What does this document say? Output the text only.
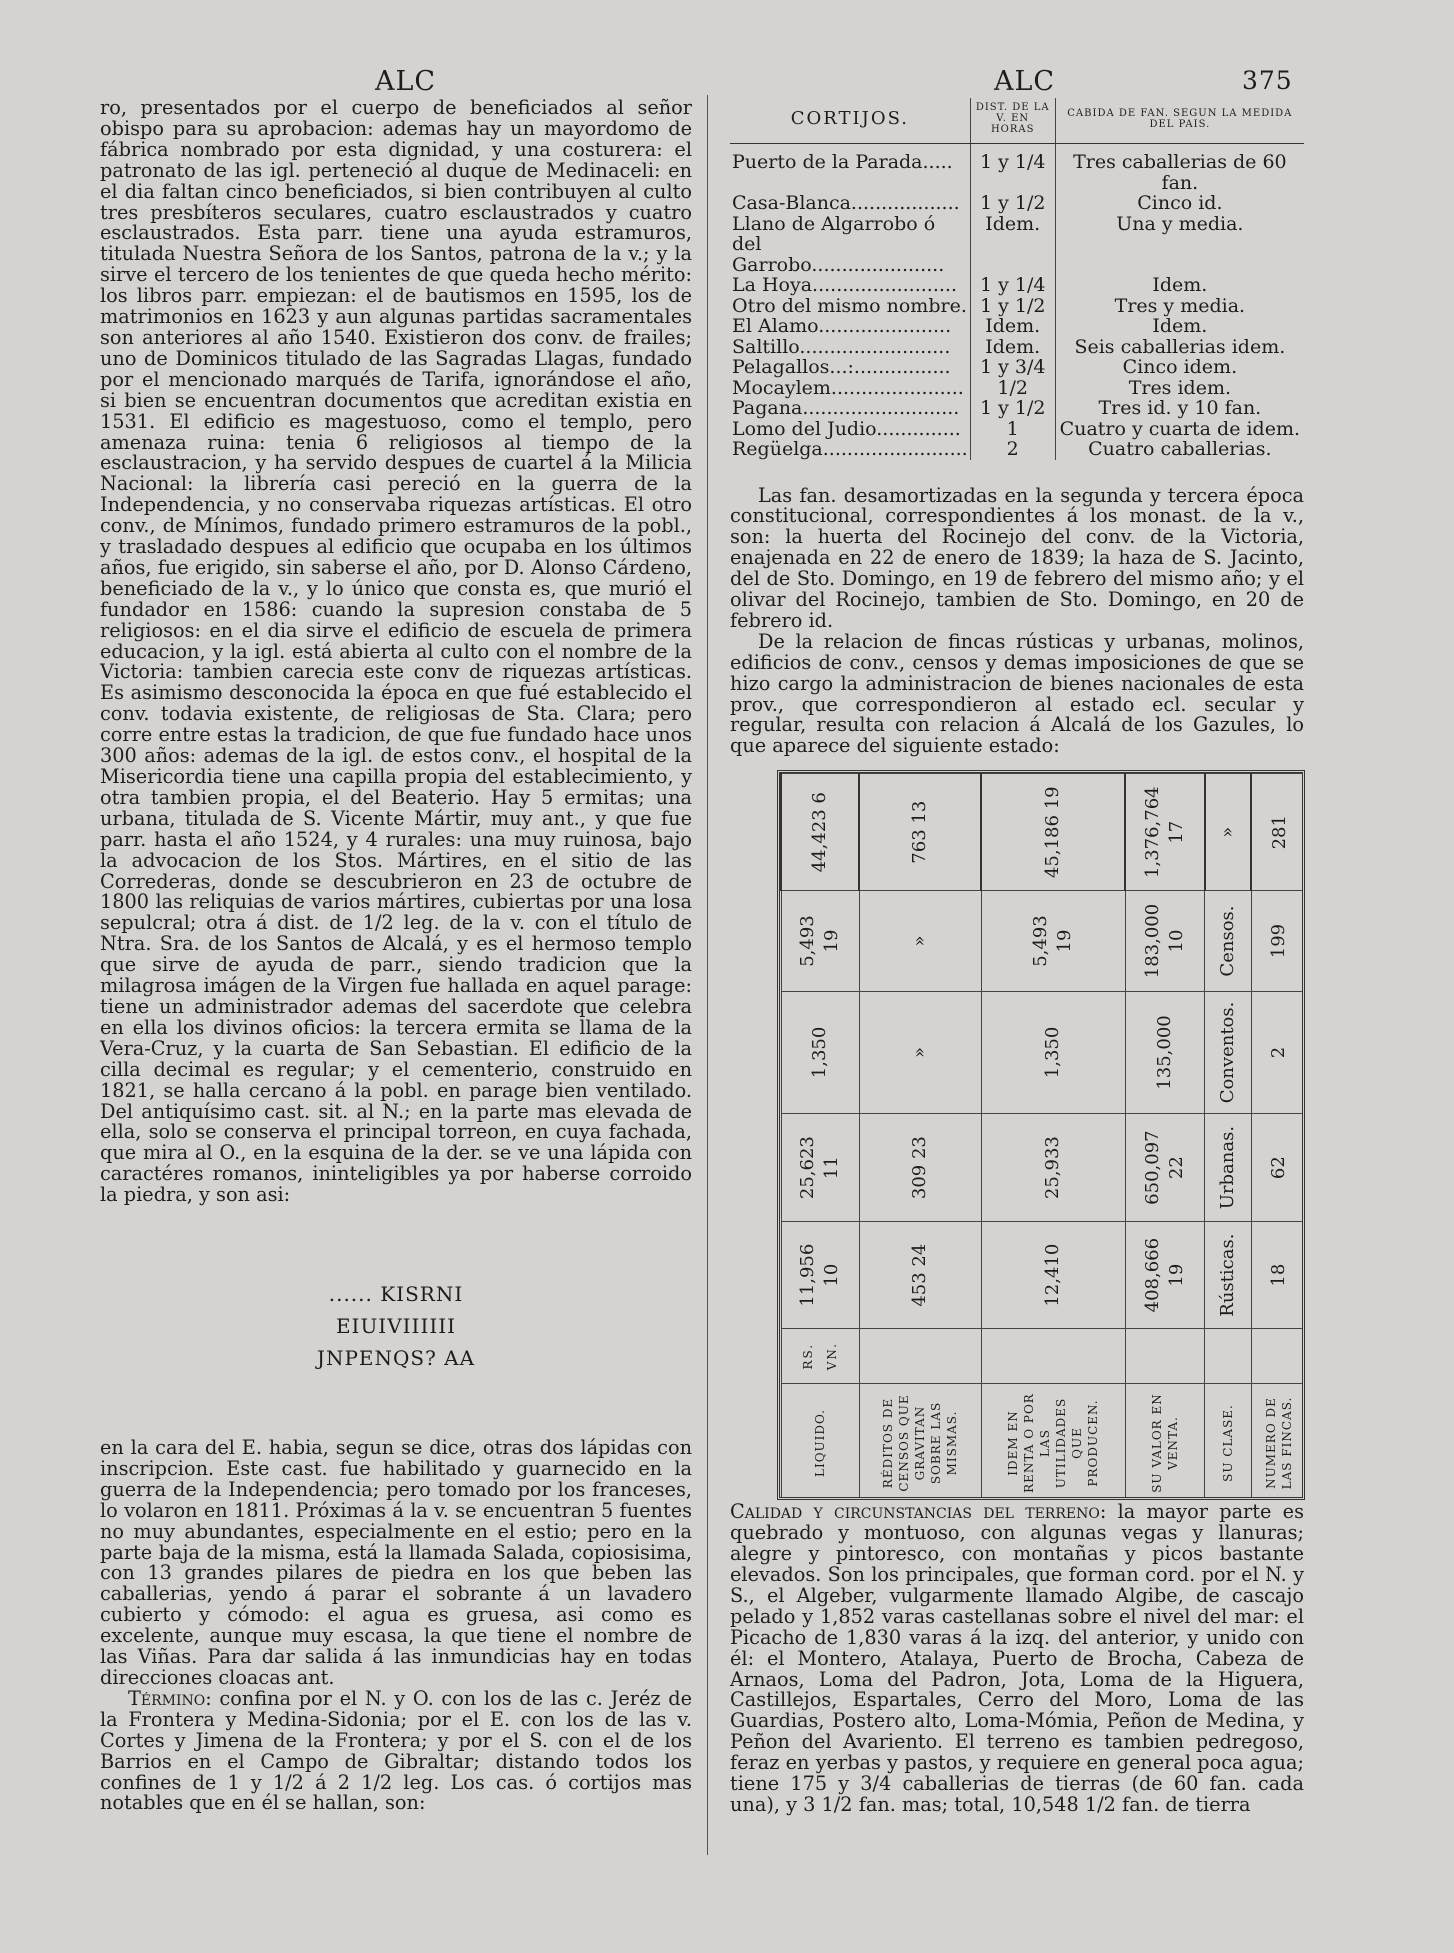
ALC	ALC	375

ro, presentados por el cuerpo de beneficiados al señor obispo para su aprobacion: ademas hay un mayordomo de fábrica nombrado por esta dignidad, y una costurera: el patronato de las igl. perteneció al duque de Medinaceli: en el dia faltan cinco beneficiados, si bien contribuyen al culto tres presbíteros seculares, cuatro esclaustrados y cuatro esclaustrados. Esta parr. tiene una ayuda estramuros, titulada Nuestra Señora de los Santos, patrona de la v.; y la sirve el tercero de los tenientes de que queda hecho mérito: los libros parr. empiezan: el de bautismos en 1595, los de matrimonios en 1623 y aun algunas partidas sacramentales son anteriores al año 1540. Existieron dos conv. de frailes; uno de Dominicos titulado de las Sagradas Llagas, fundado por el mencionado marqués de Tarifa, ignorándose el año, si bien se encuentran documentos que acreditan existia en 1531. El edificio es magestuoso, como el templo, pero amenaza ruina: tenia 6 religiosos al tiempo de la esclaustracion, y ha servido despues de cuartel á la Milicia Nacional: la librería casi pereció en la guerra de la Independencia, y no conservaba riquezas artísticas. El otro conv., de Mínimos, fundado primero estramuros de la pobl., y trasladado despues al edificio que ocupaba en los últimos años, fue erigido, sin saberse el año, por D. Alonso Cárdeno, beneficiado de la v., y lo único que consta es, que murió el fundador en 1586: cuando la supresion constaba de 5 religiosos: en el dia sirve el edificio de escuela de primera educacion, y la igl. está abierta al culto con el nombre de la Victoria: tambien carecia este conv de riquezas artísticas. Es asimismo desconocida la época en que fué establecido el conv. todavia existente, de religiosas de Sta. Clara; pero corre entre estas la tradicion, de que fue fundado hace unos 300 años: ademas de la igl. de estos conv., el hospital de la Misericordia tiene una capilla propia del establecimiento, y otra tambien propia, el del Beaterio. Hay 5 ermitas; una urbana, titulada de S. Vicente Mártir, muy ant., y que fue parr. hasta el año 1524, y 4 rurales: una muy ruinosa, bajo la advocacion de los Stos. Mártires, en el sitio de las Correderas, donde se descubrieron en 23 de octubre de 1800 las reliquias de varios mártires, cubiertas por una losa sepulcral; otra á dist. de 1/2 leg. de la v. con el título de Ntra. Sra. de los Santos de Alcalá, y es el hermoso templo que sirve de ayuda de parr., siendo tradicion que la milagrosa imágen de la Virgen fue hallada en aquel parage: tiene un administrador ademas del sacerdote que celebra en ella los divinos oficios: la tercera ermita se llama de la Vera-Cruz, y la cuarta de San Sebastian. El edificio de la cilla decimal es regular; y el cementerio, construido en 1821, se halla cercano á la pobl. en parage bien ventilado. Del antiquísimo cast. sit. al N.; en la parte mas elevada de ella, solo se conserva el principal torreon, en cuya fachada, que mira al O., en la esquina de la der. se ve una lápida con caractéres romanos, ininteligibles ya por haberse corroido la piedra, y son asi:

...... KISRNI
EIUIVIIIIII
JNPENQS? AA

en la cara del E. habia, segun se dice, otras dos lápidas con inscripcion. Este cast. fue habilitado y guarnecido en la guerra de la Independencia; pero tomado por los franceses, lo volaron en 1811. Próximas á la v. se encuentran 5 fuentes no muy abundantes, especialmente en el estio; pero en la parte baja de la misma, está la llamada Salada, copiosisima, con 13 grandes pilares de piedra en los que beben las caballerias, yendo á parar el sobrante á un lavadero cubierto y cómodo: el agua es gruesa, asi como es excelente, aunque muy escasa, la que tiene el nombre de las Viñas. Para dar salida á las inmundicias hay en todas direcciones cloacas ant.

Término: confina por el N. y O. con los de las c. Jeréz de la Frontera y Medina-Sidonia; por el E. con los de las v. Cortes y Jimena de la Frontera; y por el S. con el de los Barrios en el Campo de Gibraltar; distando todos los confines de 1 y 1/2 á 2 1/2 leg. Los cas. ó cortijos mas notables que en él se hallan, son:

CORTIJOS.	DIST. DE LA V. EN HORAS	CABIDA DE FAN. SEGUN LA MEDIDA DEL PAIS.
Puerto de la Parada.....	1 y 1/4	Tres caballerias de 60 fan.
Casa-Blanca..................	1 y 1/2	Cinco id.
Llano de Algarrobo ó del Garrobo......................	Idem.	Una y media.
La Hoya........................	1 y 1/4	Idem.
Otro del mismo nombre.	1 y 1/2	Tres y media.
El Alamo......................	Idem.	Idem.
Saltillo.........................	Idem.	Seis caballerias idem.
Pelagallos...:................	1 y 3/4	Cinco idem.
Mocaylem......................	1/2	Tres idem.
Pagana..........................	1 y 1/2	Tres id. y 10 fan.
Lomo del Judio..............	1	Cuatro y cuarta de idem.
Regüelga........................	2	Cuatro caballerias.

Las fan. desamortizadas en la segunda y tercera época constitucional, correspondientes á los monast. de la v., son: la huerta del Rocinejo del conv. de la Victoria, enajenada en 22 de enero de 1839; la haza de S. Jacinto, del de Sto. Domingo, en 19 de febrero del mismo año; y el olivar del Rocinejo, tambien de Sto. Domingo, en 20 de febrero id.

De la relacion de fincas rústicas y urbanas, molinos, edificios de conv., censos y demas imposiciones de que se hizo cargo la administracion de bienes nacionales de esta prov., que correspondieron al estado ecl. secular y regular, resulta con relacion á Alcalá de los Gazules, lo que aparece del siguiente estado:

Calidad y circunstancias del terreno: la mayor parte es quebrado y montuoso, con algunas vegas y llanuras; alegre y pintoresco, con montañas y picos bastante elevados. Son los principales, que forman cord. por el N. y S., el Algeber, vulgarmente llamado Algibe, de cascajo pelado y 1,852 varas castellanas sobre el nivel del mar: el Picacho de 1,830 varas á la izq. del anterior, y unido con él: el Montero, Atalaya, Puerto de Brocha, Cabeza de Arnaos, Loma del Padron, Jota, Loma de la Higuera, Castillejos, Espartales, Cerro del Moro, Loma de las Guardias, Postero alto, Loma-Mómia, Peñon de Medina, y Peñon del Avariento. El terreno es tambien pedregoso, feraz en yerbas y pastos, y requiere en general poca agua; tiene 175 y 3/4 caballerias de tierras (de 60 fan. cada una), y 3 1/2 fan. mas; total, 10,548 1/2 fan. de tierra

LIQUIDO.	RS. VN.	11,956 10	25,623 11	1,350	5,493 19	44,423 6
RÉDITOS DE CENSOS QUE GRAVITAN SOBRE LAS MISMAS.		453 24	309 23	»	»	763 13
IDEM EN RENTA O POR LAS UTILIDADES QUE PRODUCEN.		12,410	25,933	1,350	5,493 19	45,186 19
SU VALOR EN VENTA.		408,666 19	650,097 22	135,000	183,000 10	1,376,764 17
SU CLASE.		Rústicas.	Urbanas.	Conventos.	Censos.	»
NUMERO DE LAS FINCAS.		18	62	2	199	281
